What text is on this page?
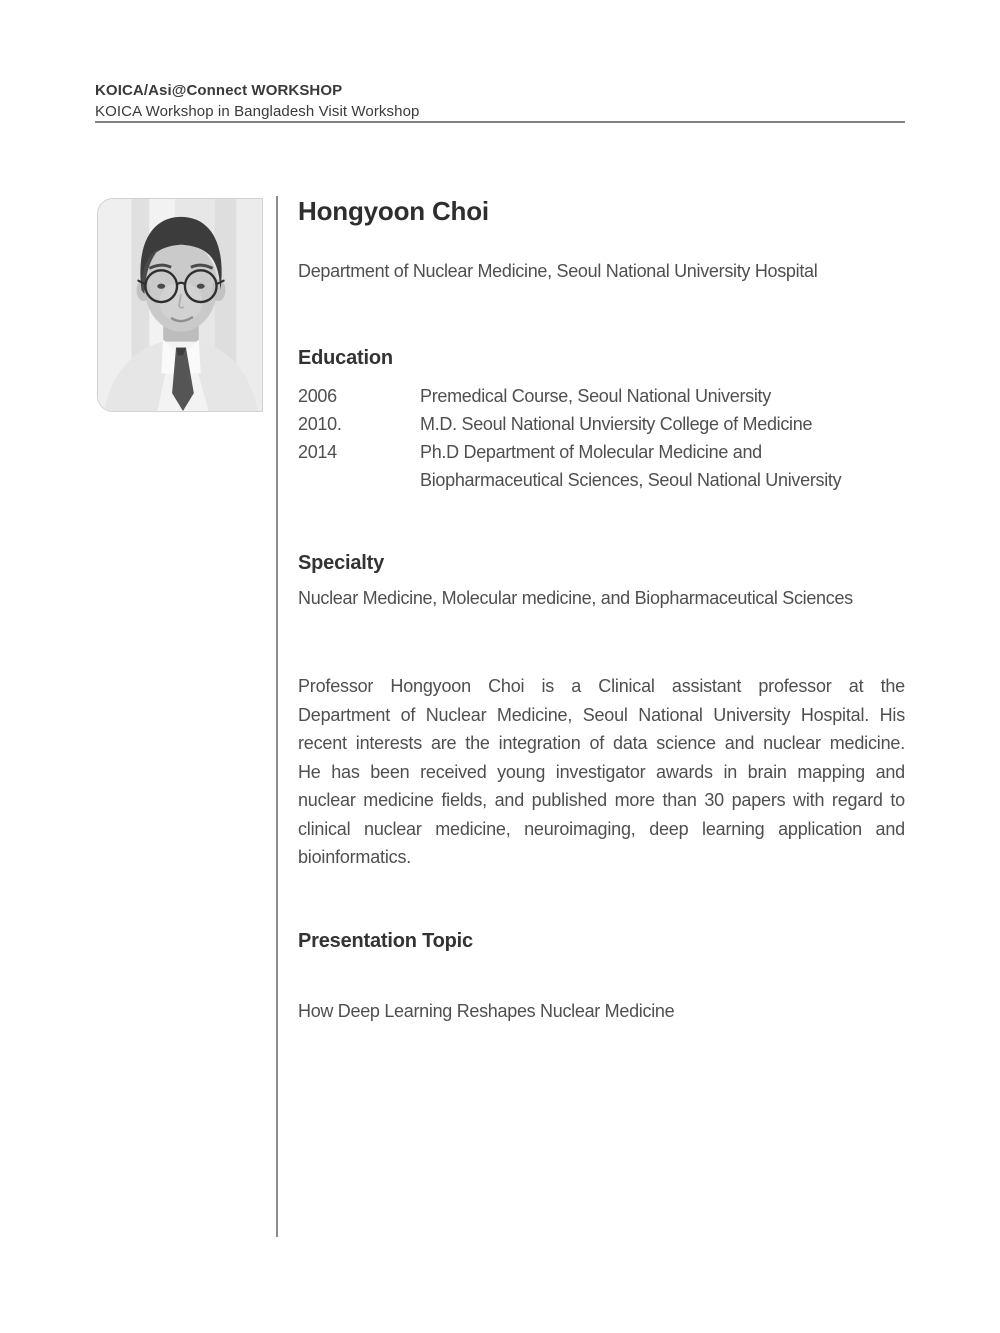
KOICA/Asi@Connect WORKSHOP
KOICA Workshop in Bangladesh Visit Workshop
Hongyoon Choi
Department of Nuclear Medicine, Seoul National University Hospital
Education
2006	Premedical Course, Seoul National University
2010.	M.D. Seoul National Unviersity College of Medicine
2014	Ph.D Department of Molecular Medicine and Biopharmaceutical Sciences, Seoul National University
Specialty
Nuclear Medicine, Molecular medicine, and Biopharmaceutical Sciences
Professor Hongyoon Choi is a Clinical assistant professor at the Department of Nuclear Medicine, Seoul National University Hospital. His recent interests are the integration of data science and nuclear medicine. He has been received young investigator awards in brain mapping and nuclear medicine fields, and published more than 30 papers with regard to clinical nuclear medicine, neuroimaging, deep learning application and bioinformatics.
Presentation Topic
How Deep Learning Reshapes Nuclear Medicine
